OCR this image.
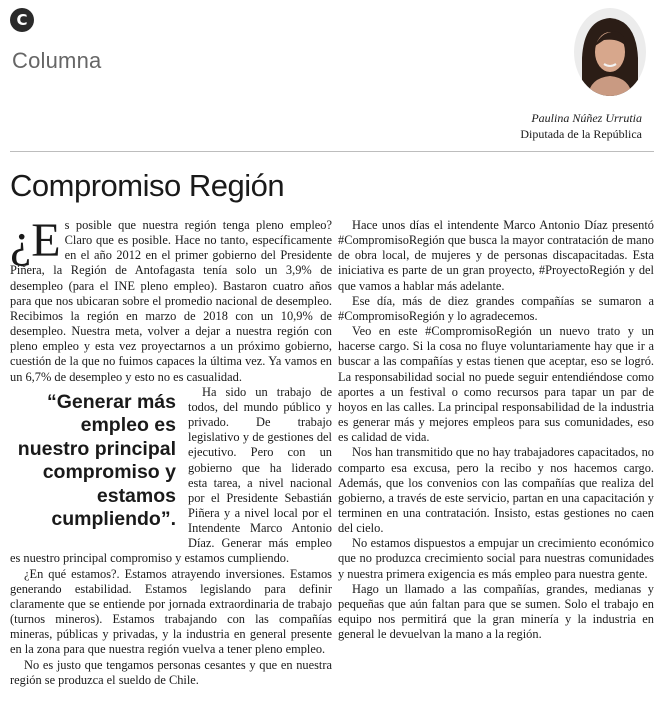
C
Columna
Paulina Núñez Urrutia
Diputada de la República
Compromiso Región

¿E s posible que nuestra región tenga pleno empleo? Claro que es posible. Hace no tanto, específicamente en el año 2012 en el primer gobierno del Presidente Piñera, la Región de Antofagasta tenía solo un 3,9% de desempleo (para el INE pleno empleo). Bastaron cuatro años para que nos ubicaran sobre el promedio nacional de desempleo. Recibimos la región en marzo de 2018 con un 10,9% de desempleo. Nuestra meta, volver a dejar a nuestra región con pleno empleo y esta vez proyectarnos a un próximo gobierno, cuestión de la que no fuimos capaces la última vez. Ya vamos en un 6,7% de desempleo y esto no es casualidad.

“Generar más empleo es nuestro principal compromiso y estamos cumpliendo”.

Ha sido un trabajo de todos, del mundo público y privado. De trabajo legislativo y de gestiones del ejecutivo. Pero con un gobierno que ha liderado esta tarea, a nivel nacional por el Presidente Sebastián Piñera y a nivel local por el Intendente Marco Antonio Díaz. Generar más empleo es nuestro principal compromiso y estamos cumpliendo.

¿En qué estamos?. Estamos atrayendo inversiones. Estamos generando estabilidad. Estamos legislando para definir claramente que se entiende por jornada extraordinaria de trabajo (turnos mineros). Estamos trabajando con las compañías mineras, públicas y privadas, y la industria en general presente en la zona para que nuestra región vuelva a tener pleno empleo.

No es justo que tengamos personas cesantes y que en nuestra región se produzca el sueldo de Chile.

Hace unos días el intendente Marco Antonio Díaz presentó #CompromisoRegión que busca la mayor contratación de mano de obra local, de mujeres y de personas discapacitadas. Esta iniciativa es parte de un gran proyecto, #ProyectoRegión y del que vamos a hablar más adelante.

Ese día, más de diez grandes compañías se sumaron a #CompromisoRegión y lo agradecemos.

Veo en este #CompromisoRegión un nuevo trato y un hacerse cargo. Si la cosa no fluye voluntariamente hay que ir a buscar a las compañías y estas tienen que aceptar, eso se logró. La responsabilidad social no puede seguir entendiéndose como aportes a un festival o como recursos para tapar un par de hoyos en las calles. La principal responsabilidad de la industria es generar más y mejores empleos para sus comunidades, eso es calidad de vida.

Nos han transmitido que no hay trabajadores capacitados, no comparto esa excusa, pero la recibo y nos hacemos cargo. Además, que los convenios con las compañías que realiza del gobierno, a través de este servicio, partan en una capacitación y terminen en una contratación. Insisto, estas gestiones no caen del cielo.

No estamos dispuestos a empujar un crecimiento económico que no produzca crecimiento social para nuestras comunidades y nuestra primera exigencia es más empleo para nuestra gente.

Hago un llamado a las compañías, grandes, medianas y pequeñas que aún faltan para que se sumen. Solo el trabajo en equipo nos permitirá que la gran minería y la industria en general le devuelvan la mano a la región.
